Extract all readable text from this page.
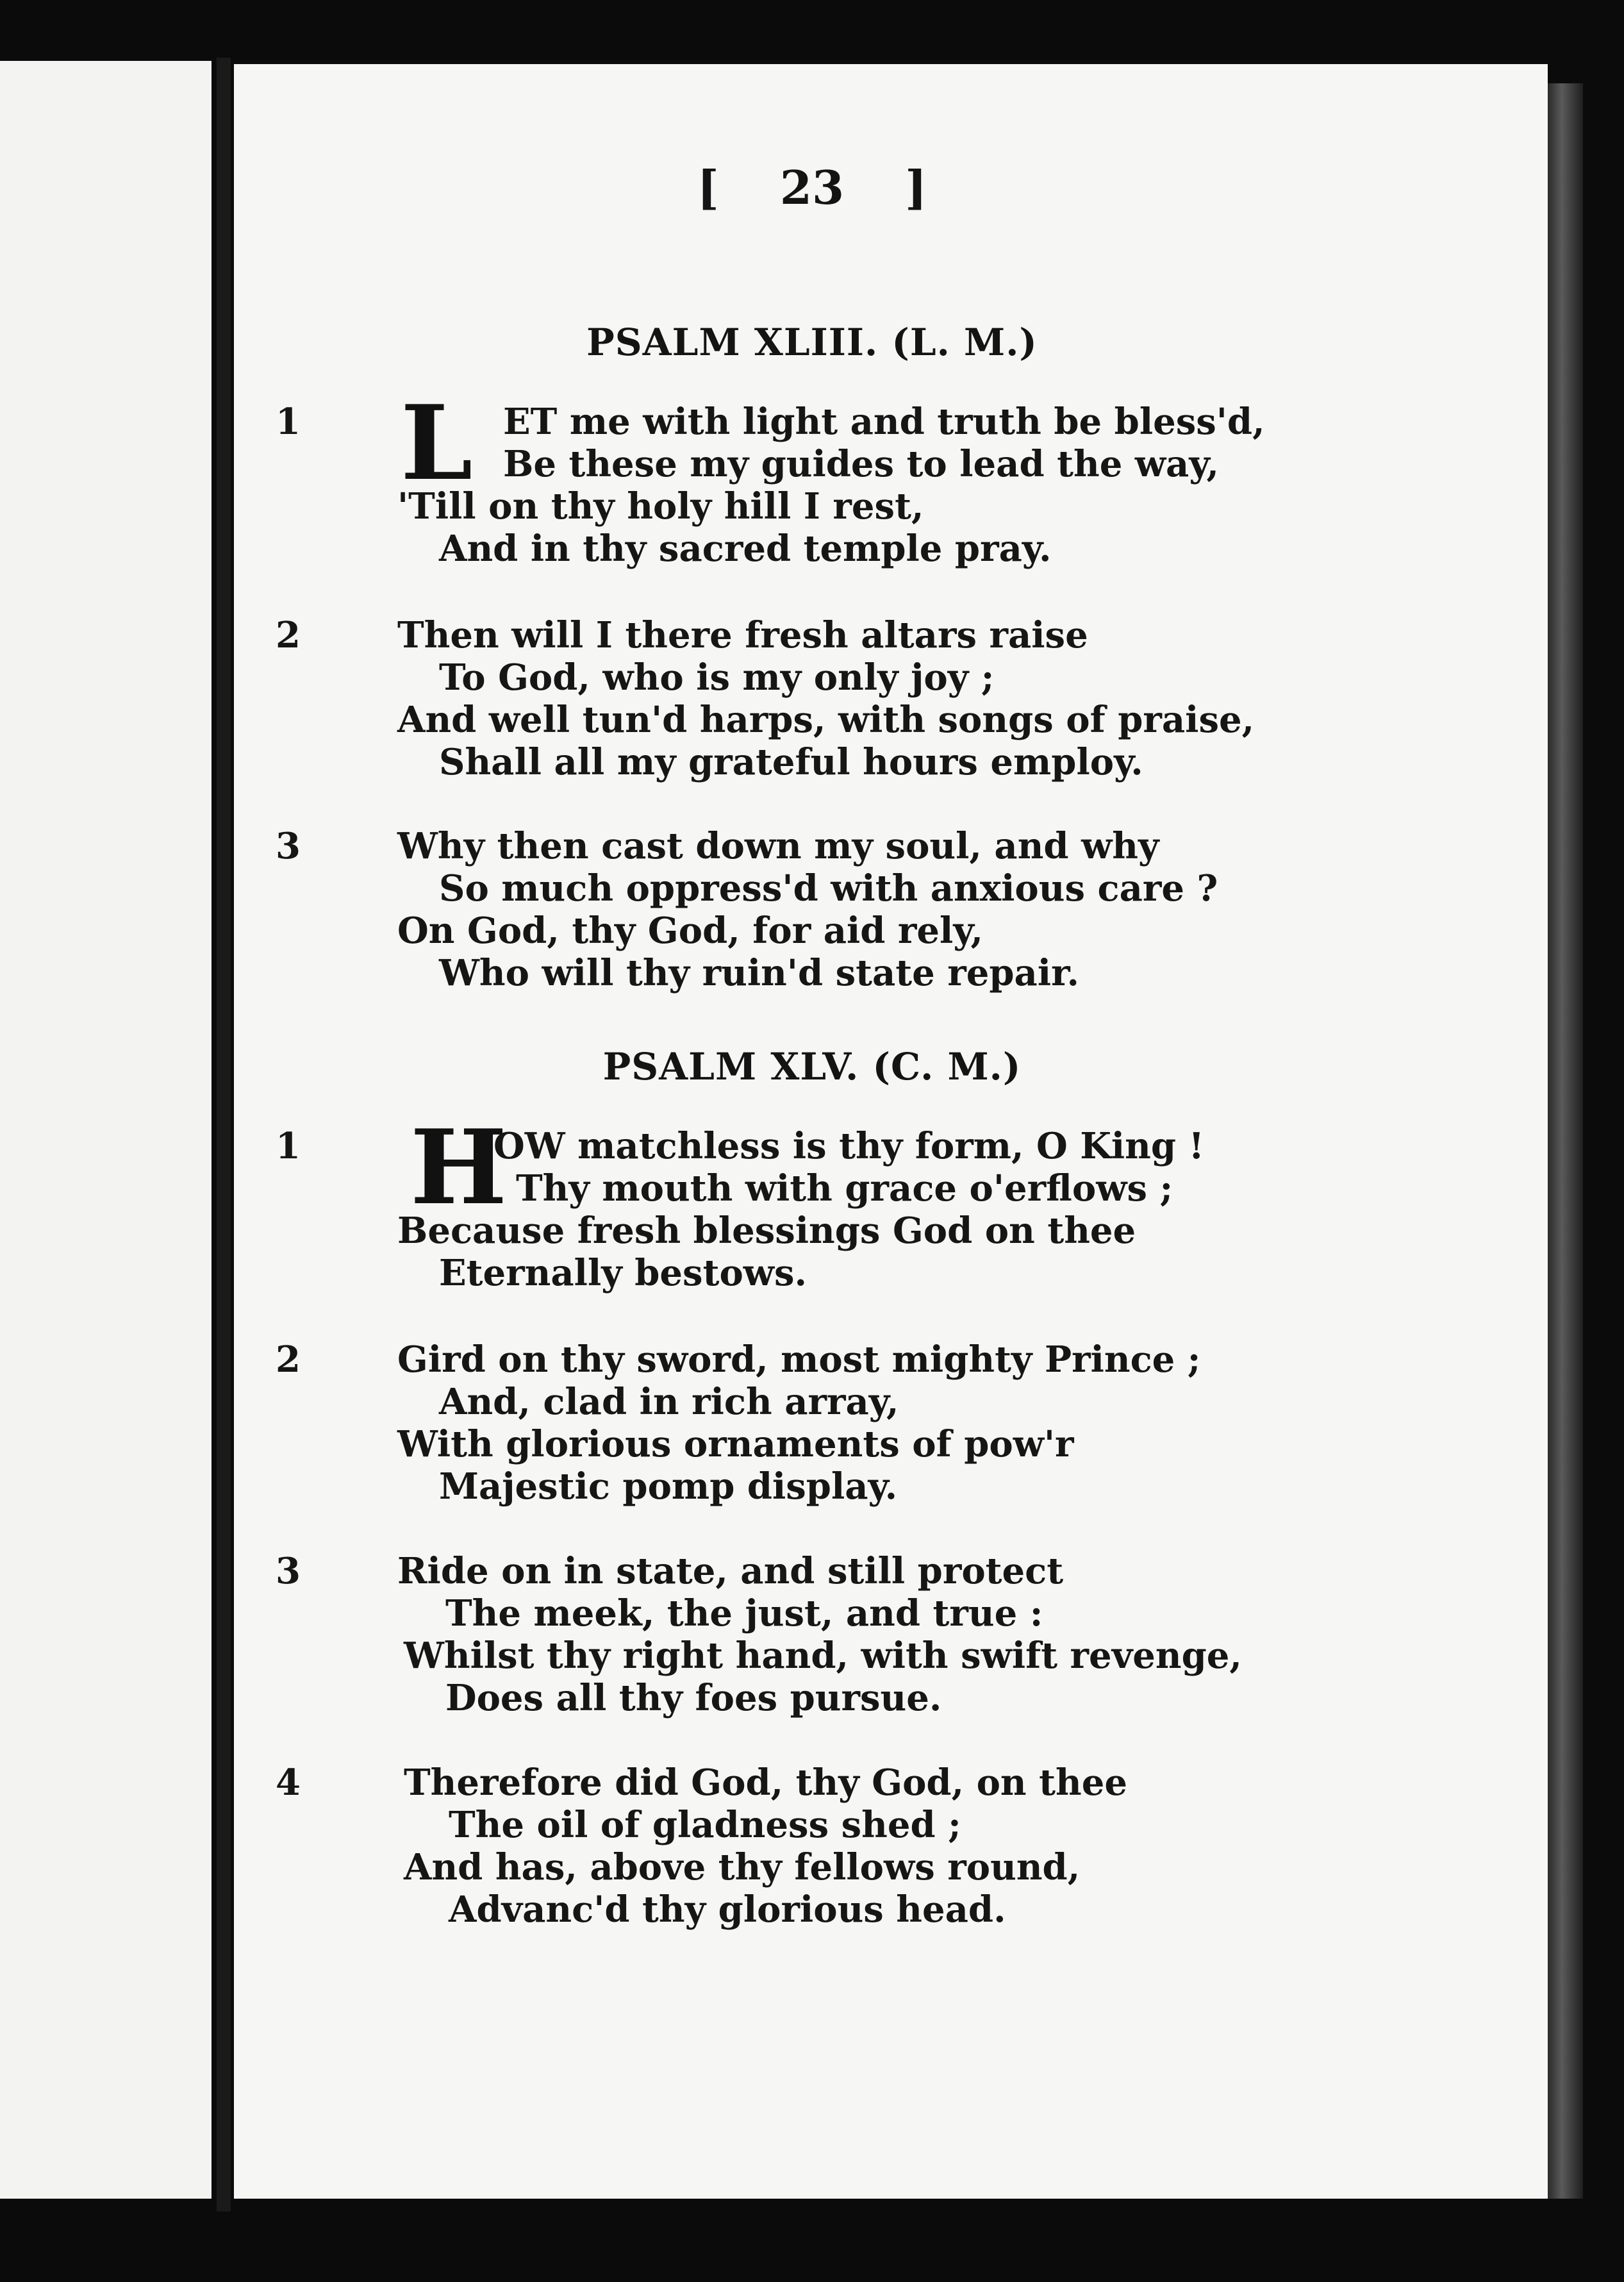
[ 23 ]
PSALM XLIII. (L. M.)
1 L ET me with light and truth be bless'd,
Be these my guides to lead the way,
'Till on thy holy hill I rest,
And in thy sacred temple pray.
2	Then will I there fresh altars raise
To God, who is my only joy ;
And well tun'd harps, with songs of praise,
Shall all my grateful hours employ.
3	Why then cast down my soul, and why
So much oppress'd with anxious care ?
On God, thy God, for aid rely,
Who will thy ruin'd state repair.
PSALM XLV. (C. M.)
1 H
OW matchless is thy form, O King !
Thy mouth with grace o'erflows ;
Because fresh blessings God on thee
Eternally bestows.
2	Gird on thy sword, most mighty Prince ;
And, clad in rich array,
With glorious ornaments of pow'r
Majestic pomp display.
3	Ride on in state, and still protect
The meek, the just, and true :
Whilst thy right hand, with swift revenge,
Does all thy foes pursue.
4	Therefore did God, thy God, on thee
The oil of gladness shed ;
And has, above thy fellows round,
Advanc'd thy glorious head.
